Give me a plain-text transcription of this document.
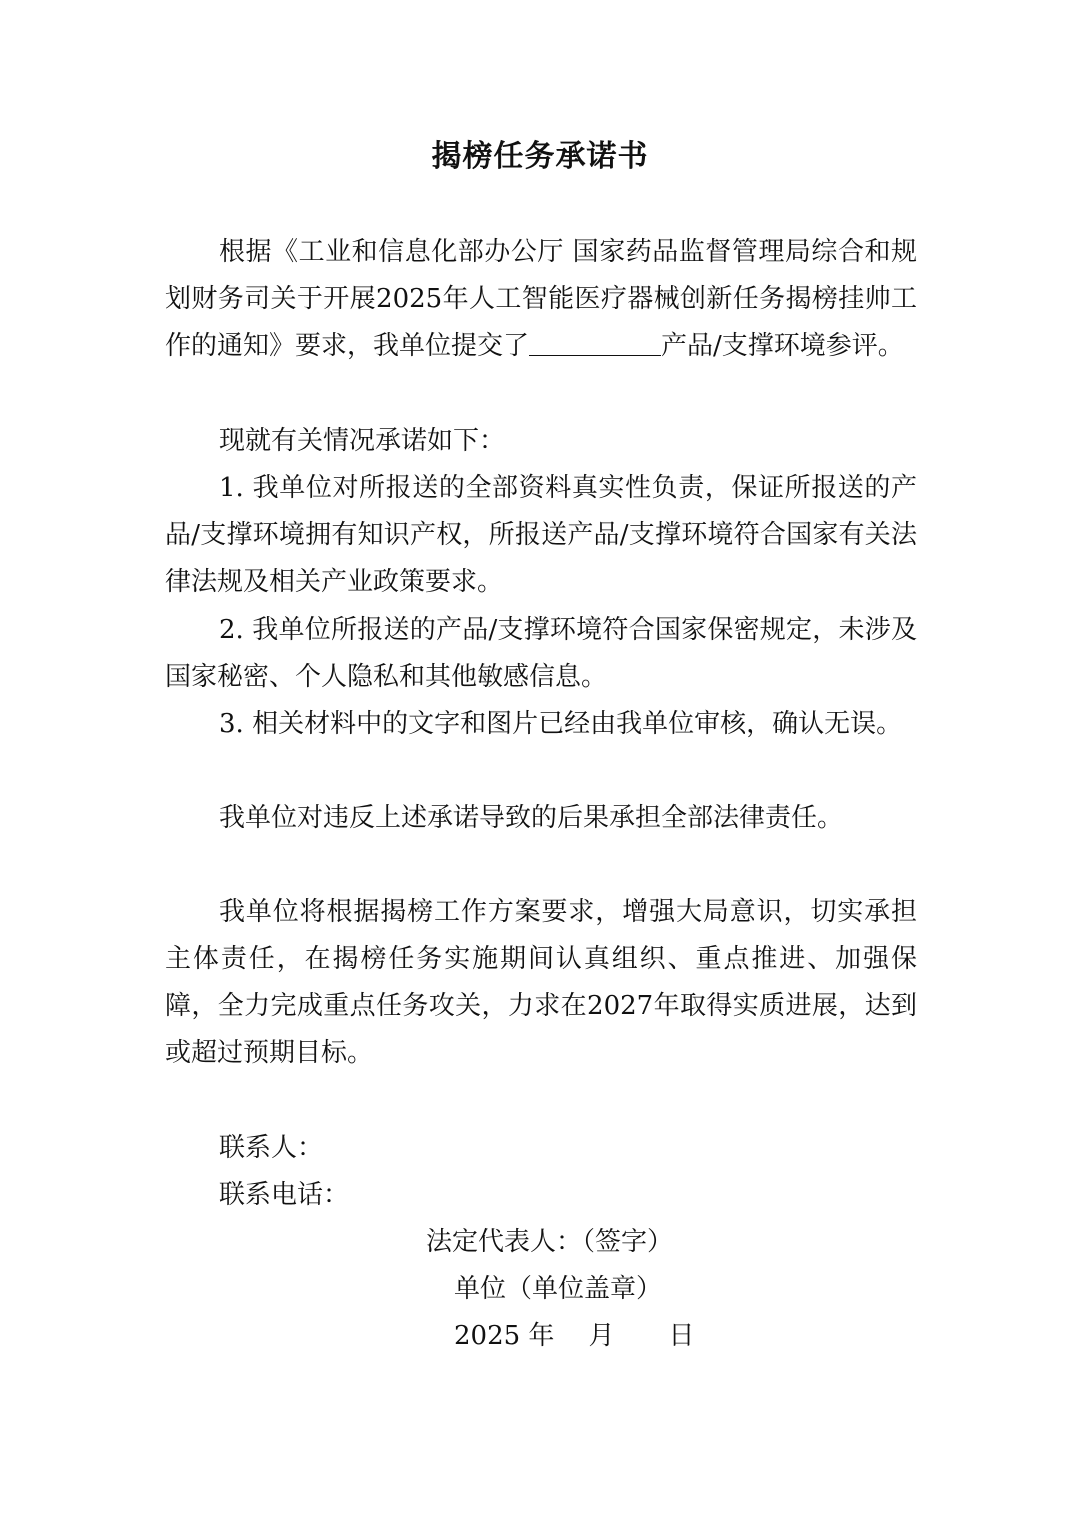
揭榜任务承诺书
根据《工业和信息化部办公厅 国家药品监督管理局综合和规划财务司关于开展2025年人工智能医疗器械创新任务揭榜挂帅工作的通知》要求，我单位提交了	产品/支撑环境参评。
现就有关情况承诺如下：
1. 我单位对所报送的全部资料真实性负责，保证所报送的产品/支撑环境拥有知识产权，所报送产品/支撑环境符合国家有关法律法规及相关产业政策要求。
2. 我单位所报送的产品/支撑环境符合国家保密规定，未涉及国家秘密、个人隐私和其他敏感信息。
3. 相关材料中的文字和图片已经由我单位审核，确认无误。
我单位对违反上述承诺导致的后果承担全部法律责任。
我单位将根据揭榜工作方案要求，增强大局意识，切实承担主体责任，在揭榜任务实施期间认真组织、重点推进、加强保障，全力完成重点任务攻关，力求在2027年取得实质进展，达到或超过预期目标。
联系人：
联系电话：
法定代表人：（签字）
单位（单位盖章）
2025 年 月 日
